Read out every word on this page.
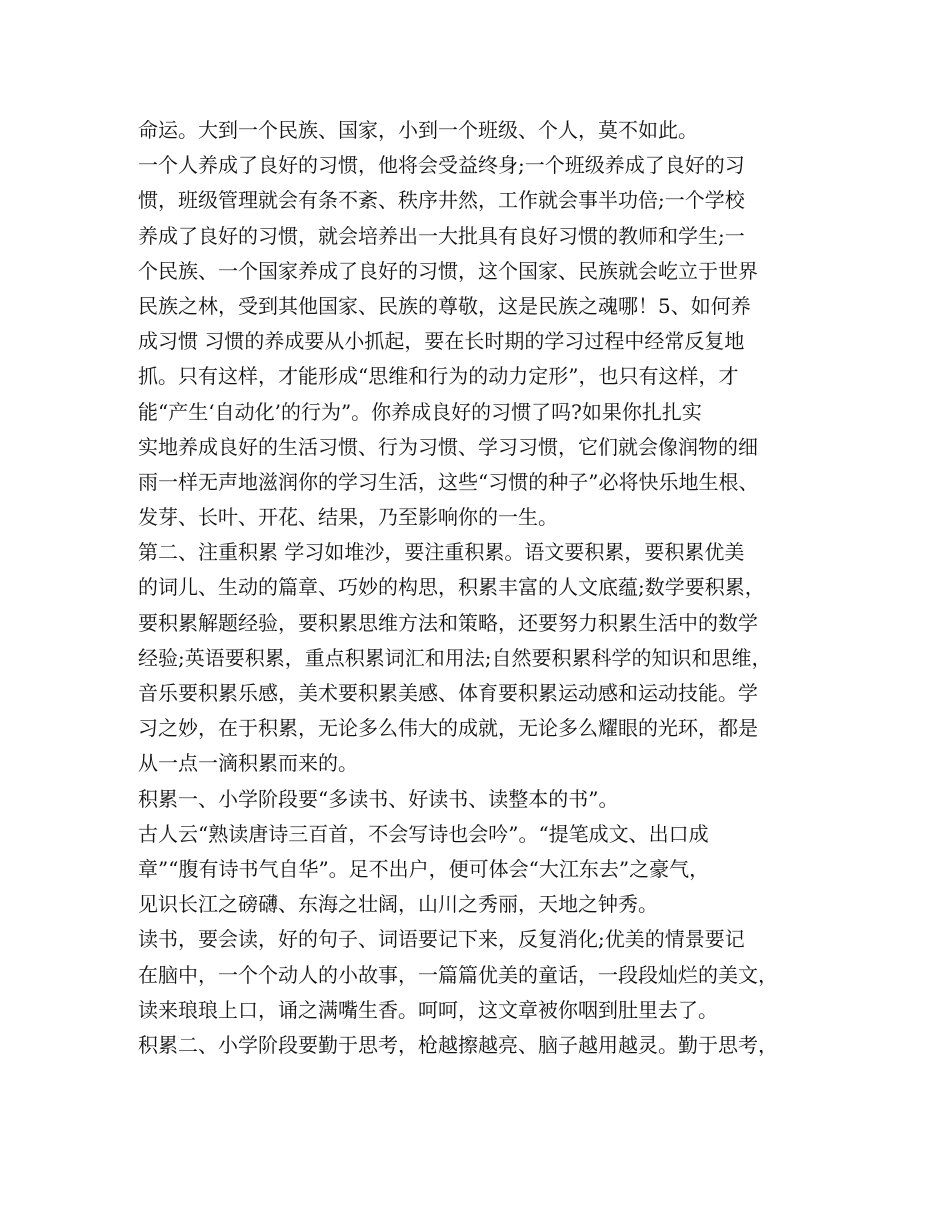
命运。大到一个民族、国家，小到一个班级、个人，莫不如此。
一个人养成了良好的习惯，他将会受益终身;一个班级养成了良好的习
惯，班级管理就会有条不紊、秩序井然，工作就会事半功倍;一个学校
养成了良好的习惯，就会培养出一大批具有良好习惯的教师和学生;一
个民族、一个国家养成了良好的习惯，这个国家、民族就会屹立于世界
民族之林，受到其他国家、民族的尊敬，这是民族之魂哪！5、如何养
成习惯 习惯的养成要从小抓起，要在长时期的学习过程中经常反复地
抓。只有这样，才能形成“思维和行为的动力定形”，也只有这样，才
能“产生‘自动化’的行为”。你养成良好的习惯了吗?如果你扎扎实
实地养成良好的生活习惯、行为习惯、学习习惯，它们就会像润物的细
雨一样无声地滋润你的学习生活，这些“习惯的种子”必将快乐地生根、
发芽、长叶、开花、结果，乃至影响你的一生。
第二、注重积累 学习如堆沙，要注重积累。语文要积累，要积累优美
的词儿、生动的篇章、巧妙的构思，积累丰富的人文底蕴;数学要积累，
要积累解题经验，要积累思维方法和策略，还要努力积累生活中的数学
经验;英语要积累，重点积累词汇和用法;自然要积累科学的知识和思维，
音乐要积累乐感，美术要积累美感、体育要积累运动感和运动技能。学
习之妙，在于积累，无论多么伟大的成就，无论多么耀眼的光环，都是
从一点一滴积累而来的。
积累一、小学阶段要“多读书、好读书、读整本的书”。
古人云“熟读唐诗三百首，不会写诗也会吟”。“提笔成文、出口成
章”“腹有诗书气自华”。足不出户，便可体会“大江东去”之豪气，
见识长江之磅礴、东海之壮阔，山川之秀丽，天地之钟秀。
读书，要会读，好的句子、词语要记下来，反复消化;优美的情景要记
在脑中，一个个动人的小故事，一篇篇优美的童话，一段段灿烂的美文，
读来琅琅上口，诵之满嘴生香。呵呵，这文章被你咽到肚里去了。
积累二、小学阶段要勤于思考，枪越擦越亮、脑子越用越灵。勤于思考，
